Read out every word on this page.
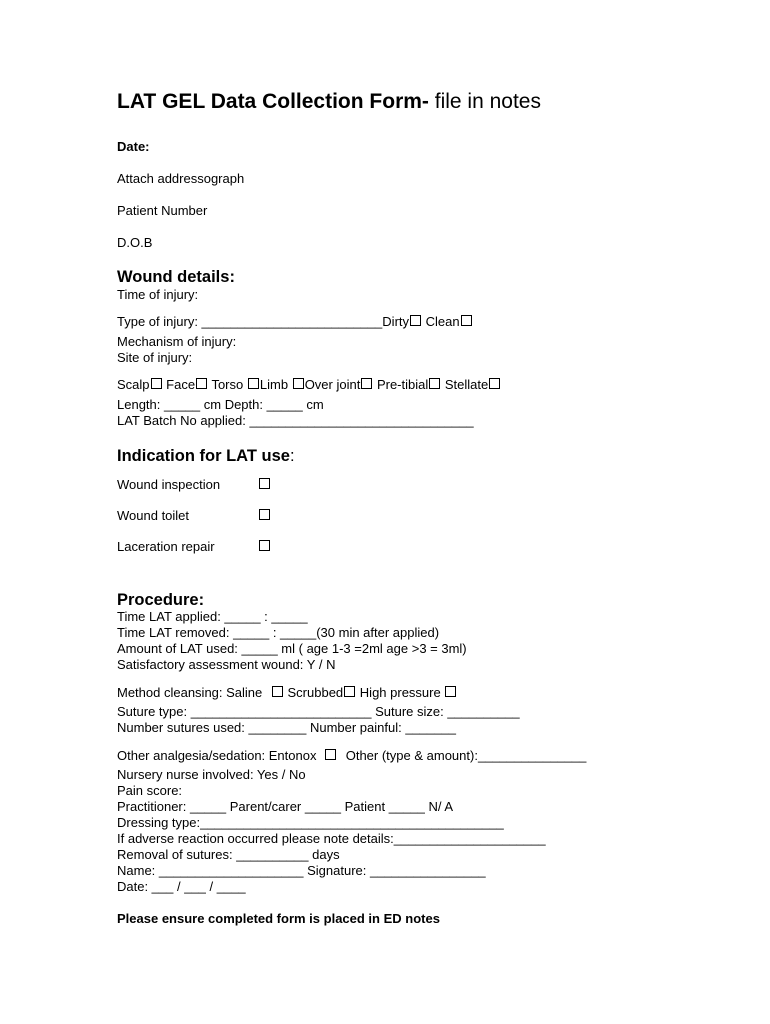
LAT GEL Data Collection Form- file in notes
Date:
Attach addressograph
Patient Number
D.O.B
Wound details:
Time of injury:
Type of injury: _________________________Dirty Clean
Mechanism of injury:
Site of injury:
Scalp Face Torso Limb Over joint Pre-tibial Stellate
Length: _____ cm Depth: _____ cm
LAT Batch No applied: _______________________________
Indication for LAT use:
Wound inspection
Wound toilet
Laceration repair
Procedure:
Time LAT applied: _____ : _____
Time LAT removed: _____ : _____(30 min after applied)
Amount of LAT used: _____ ml ( age 1-3 =2ml age >3 = 3ml)
Satisfactory assessment wound: Y / N
Method cleansing: Saline Scrubbed High pressure
Suture type: _________________________ Suture size: __________
Number sutures used: ________ Number painful: _______
Other analgesia/sedation: Entonox Other (type & amount):_______________
Nursery nurse involved: Yes / No
Pain score:
Practitioner: _____ Parent/carer _____ Patient _____ N/ A
Dressing type:__________________________________________
If adverse reaction occurred please note details:_____________________
Removal of sutures: __________ days
Name: ____________________ Signature: ________________
Date: ___ / ___ / ____
Please ensure completed form is placed in ED notes
